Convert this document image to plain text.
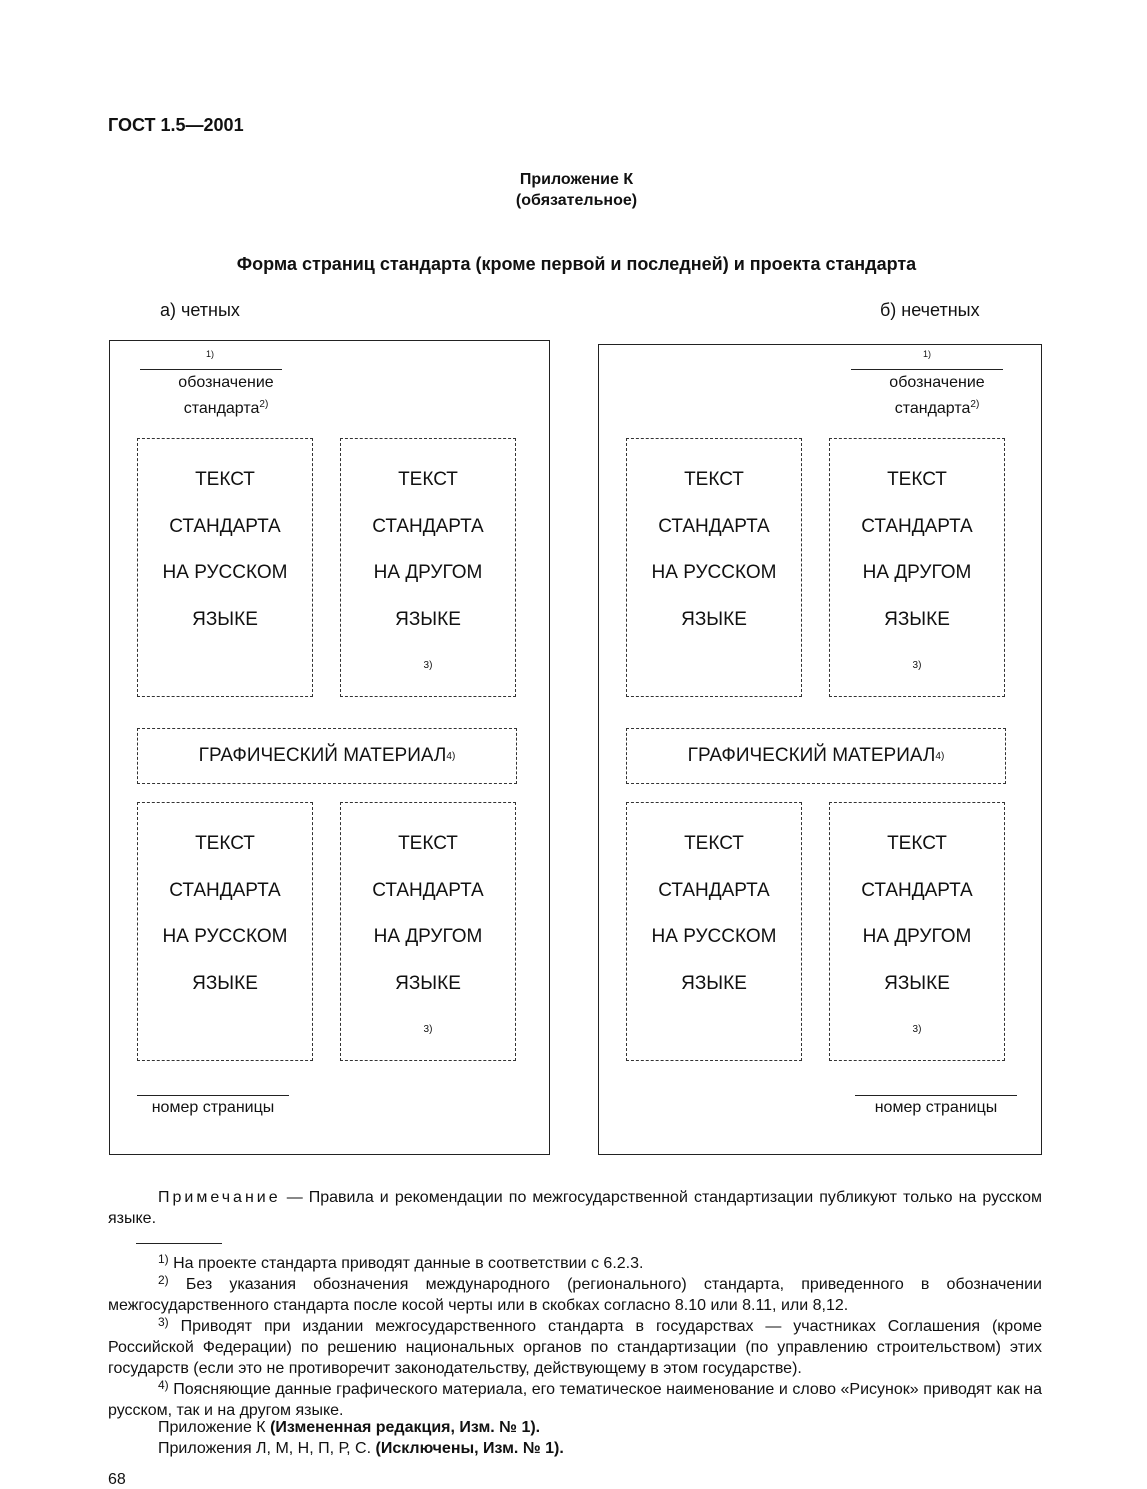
ГОСТ 1.5—2001
Приложение К
(обязательное)
Форма страниц стандарта (кроме первой и последней) и проекта стандарта
а) четных	б) нечетных
1)
обозначение
стандарта$^{2)}$
ТЕКСТ
СТАНДАРТА
НА РУССКОМ
ЯЗЫКЕ
ТЕКСТ
СТАНДАРТА
НА ДРУГОМ
ЯЗЫКЕ
$^{3)}$
ГРАФИЧЕСКИЙ МАТЕРИАЛ 4)
ТЕКСТ
СТАНДАРТА
НА РУССКОМ
ЯЗЫКЕ
ТЕКСТ
СТАНДАРТА
НА ДРУГОМ
ЯЗЫКЕ
$^{3)}$
номер страницы
1)
обозначение
стандарта$^{2)}$
ТЕКСТ
СТАНДАРТА
НА РУССКОМ
ЯЗЫКЕ
ТЕКСТ
СТАНДАРТА
НА ДРУГОМ
ЯЗЫКЕ
$^{3)}$
ГРАФИЧЕСКИЙ МАТЕРИАЛ 4)
ТЕКСТ
СТАНДАРТА
НА РУССКОМ
ЯЗЫКЕ
ТЕКСТ
СТАНДАРТА
НА ДРУГОМ
ЯЗЫКЕ
$^{3)}$
номер страницы
Примечание — Правила и рекомендации по межгосударственной стандартизации публикуют только на русском языке.
$^{1)}$ На проекте стандарта приводят данные в соответствии с 6.2.3.
$^{2)}$ Без указания обозначения международного (регионального) стандарта, приведенного в обозначении межгосударственного стандарта после косой черты или в скобках согласно 8.10 или 8.11, или 8,12.
$^{3)}$ Приводят при издании межгосударственного стандарта в государствах — участниках Соглашения (кроме Российской Федерации) по решению национальных органов по стандартизации (по управлению строительством) этих государств (если это не противоречит законодательству, действующему в этом государстве).
$^{4)}$ Поясняющие данные графического материала, его тематическое наименование и слово «Рисунок» приводят как на русском, так и на другом языке.
Приложение К (Измененная редакция, Изм. № 1).
Приложения Л, М, Н, П, Р, С. (Исключены, Изм. № 1).
68
